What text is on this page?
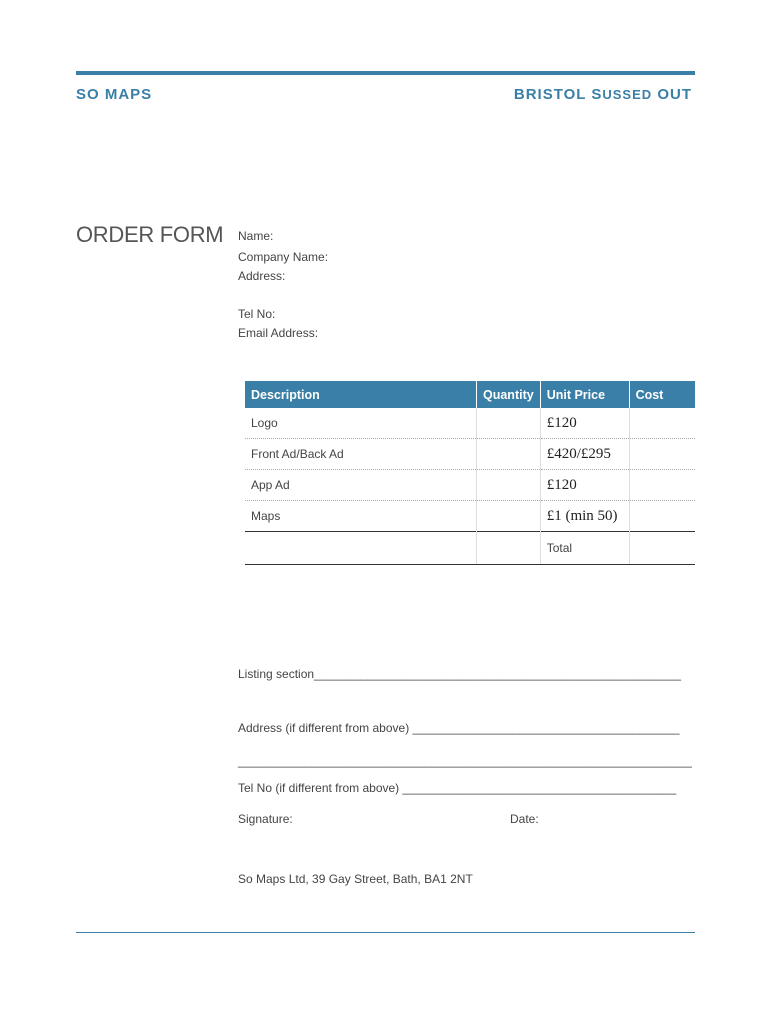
SO MAPS	BRISTOL SUSSED OUT
ORDER FORM Name:
Company Name:
Address:
Tel No:
Email Address:
Description	Quantity	Unit Price	Cost
Logo		£120	
Front Ad/Back Ad		£420/£295	
App Ad		£120	
Maps		£1 (min 50)	
		Total	
Listing section_______________________________________________________
Address (if different from above) ________________________________________
____________________________________________________________________
Tel No (if different from above) _________________________________________
Signature:	Date:
So Maps Ltd, 39 Gay Street, Bath, BA1 2NT
